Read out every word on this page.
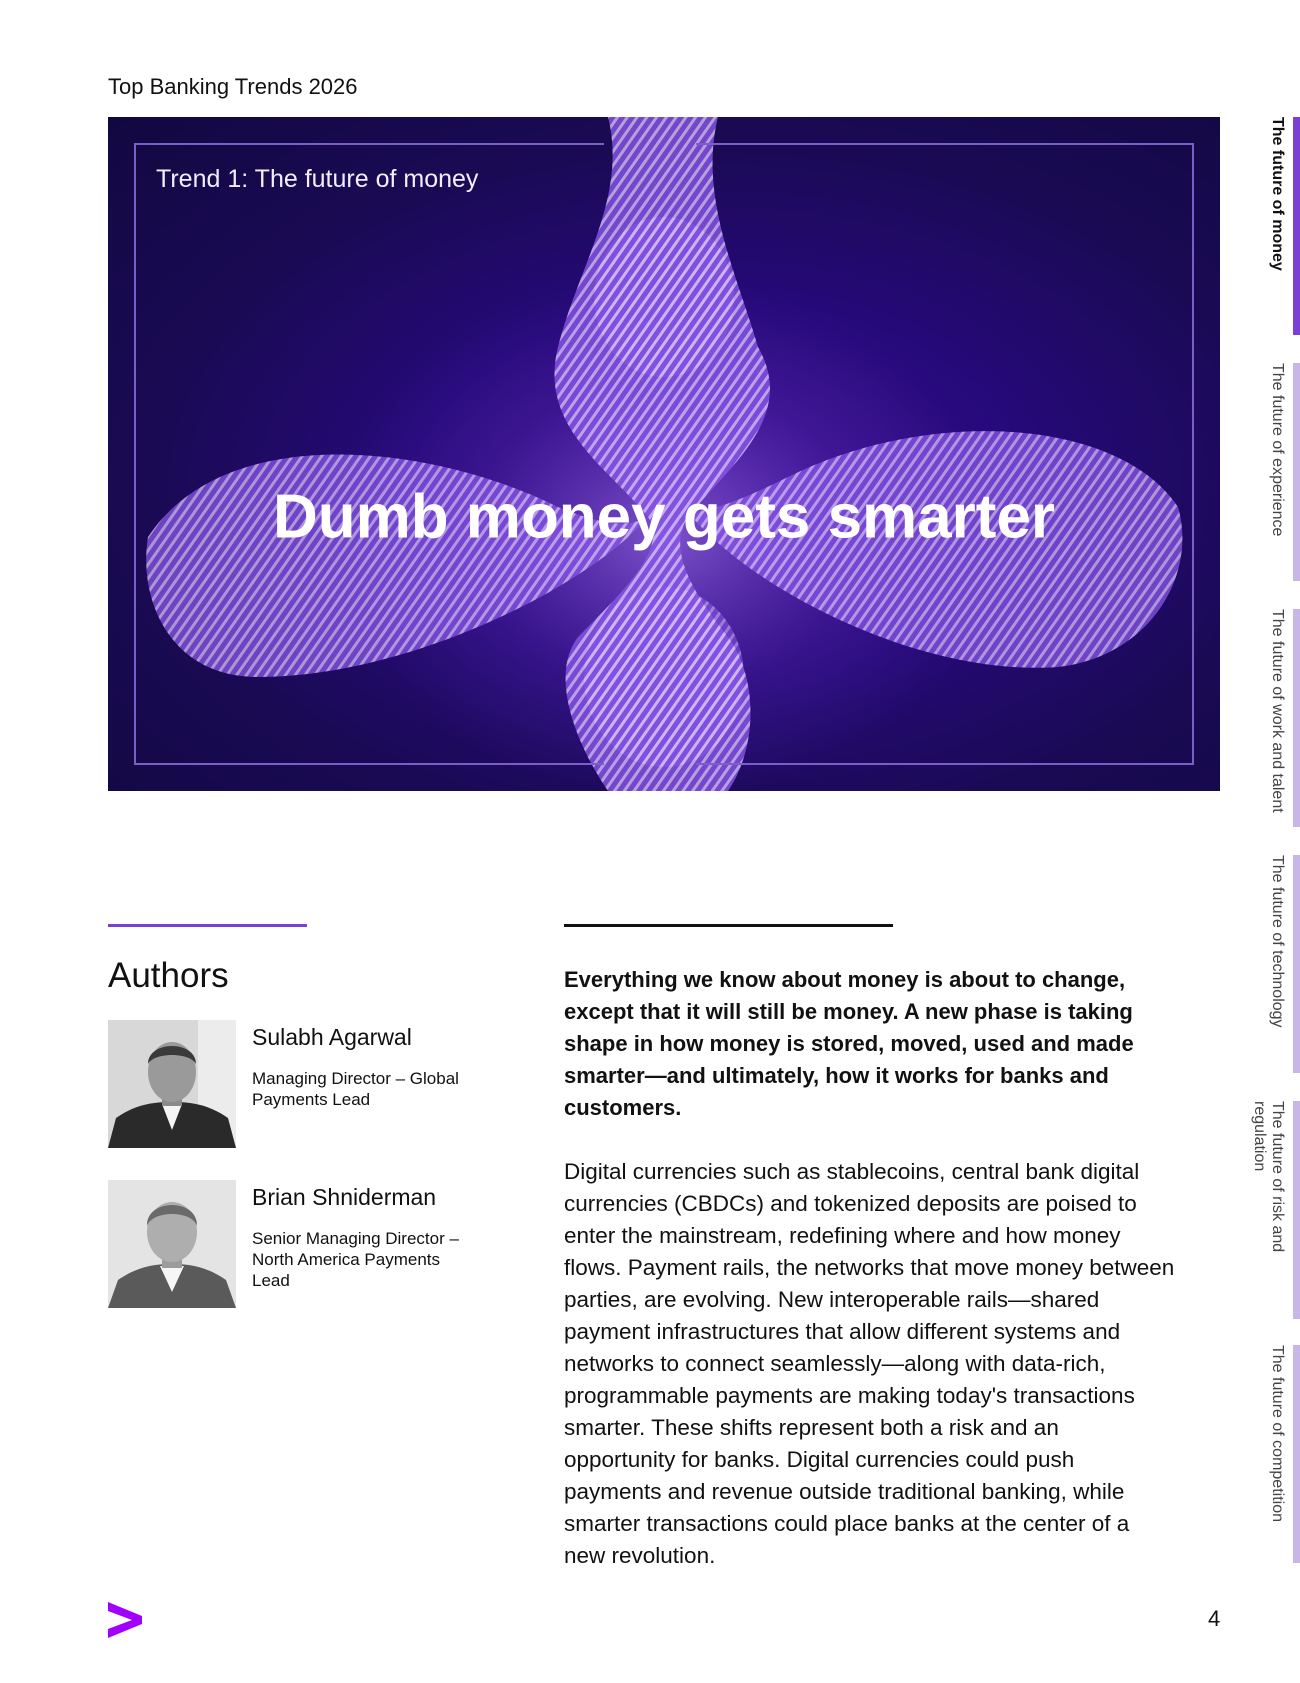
Top Banking Trends 2026
Trend 1: The future of money
Dumb money gets smarter
Authors
Sulabh Agarwal
Managing Director – Global Payments Lead
Brian Shniderman
Senior Managing Director – North America Payments Lead
Everything we know about money is about to change, except that it will still be money. A new phase is taking shape in how money is stored, moved, used and made smarter—and ultimately, how it works for banks and customers.
Digital currencies such as stablecoins, central bank digital currencies (CBDCs) and tokenized deposits are poised to enter the mainstream, redefining where and how money flows. Payment rails, the networks that move money between parties, are evolving. New interoperable rails—shared payment infrastructures that allow different systems and networks to connect seamlessly—along with data-rich, programmable payments are making today's transactions smarter. These shifts represent both a risk and an opportunity for banks. Digital currencies could push payments and revenue outside traditional banking, while smarter transactions could place banks at the center of a new revolution.
The future of money
The future of experience
The future of work and talent
The future of technology
The future of risk and regulation
The future of competition
4
